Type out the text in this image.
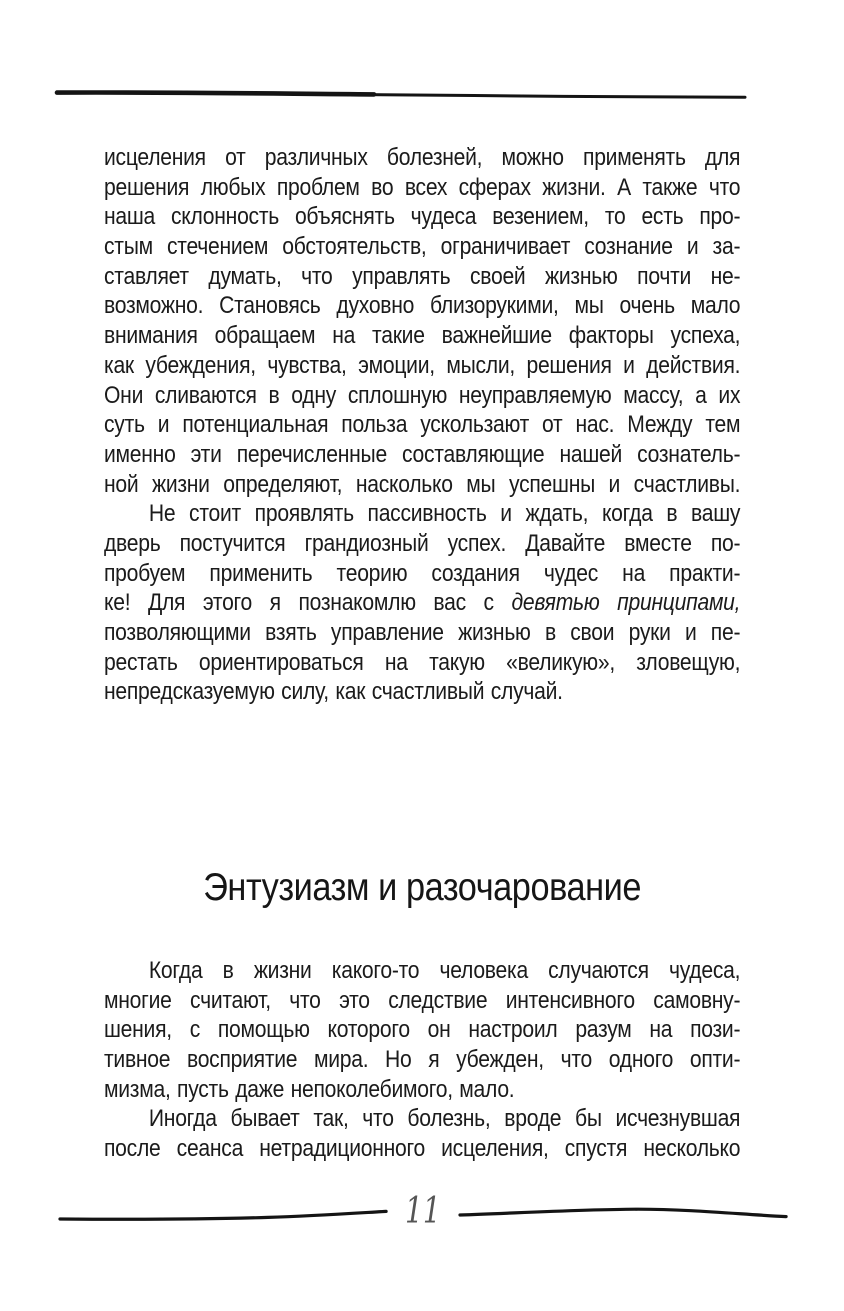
исцеления от различных болезней, можно применять для
решения любых проблем во всех сферах жизни. А также что
наша склонность объяснять чудеса везением, то есть про-
стым стечением обстоятельств, ограничивает сознание и за-
ставляет думать, что управлять своей жизнью почти не-
возможно. Становясь духовно близорукими, мы очень мало
внимания обращаем на такие важнейшие факторы успеха,
как убеждения, чувства, эмоции, мысли, решения и действия.
Они сливаются в одну сплошную неуправляемую массу, а их
суть и потенциальная польза ускользают от нас. Между тем
именно эти перечисленные составляющие нашей сознатель-
ной жизни определяют, насколько мы успешны и счастливы.
Не стоит проявлять пассивность и ждать, когда в вашу
дверь постучится грандиозный успех. Давайте вместе по-
пробуем применить теорию создания чудес на практи-
ке! Для этого я познакомлю вас с девятью принципами,
позволяющими взять управление жизнью в свои руки и пе-
рестать ориентироваться на такую «великую», зловещую,
непредсказуемую силу, как счастливый случай.
Энтузиазм и разочарование
Когда в жизни какого-то человека случаются чудеса,
многие считают, что это следствие интенсивного самовну-
шения, с помощью которого он настроил разум на пози-
тивное восприятие мира. Но я убежден, что одного опти-
мизма, пусть даже непоколебимого, мало.
Иногда бывает так, что болезнь, вроде бы исчезнувшая
после сеанса нетрадиционного исцеления, спустя несколько
11
